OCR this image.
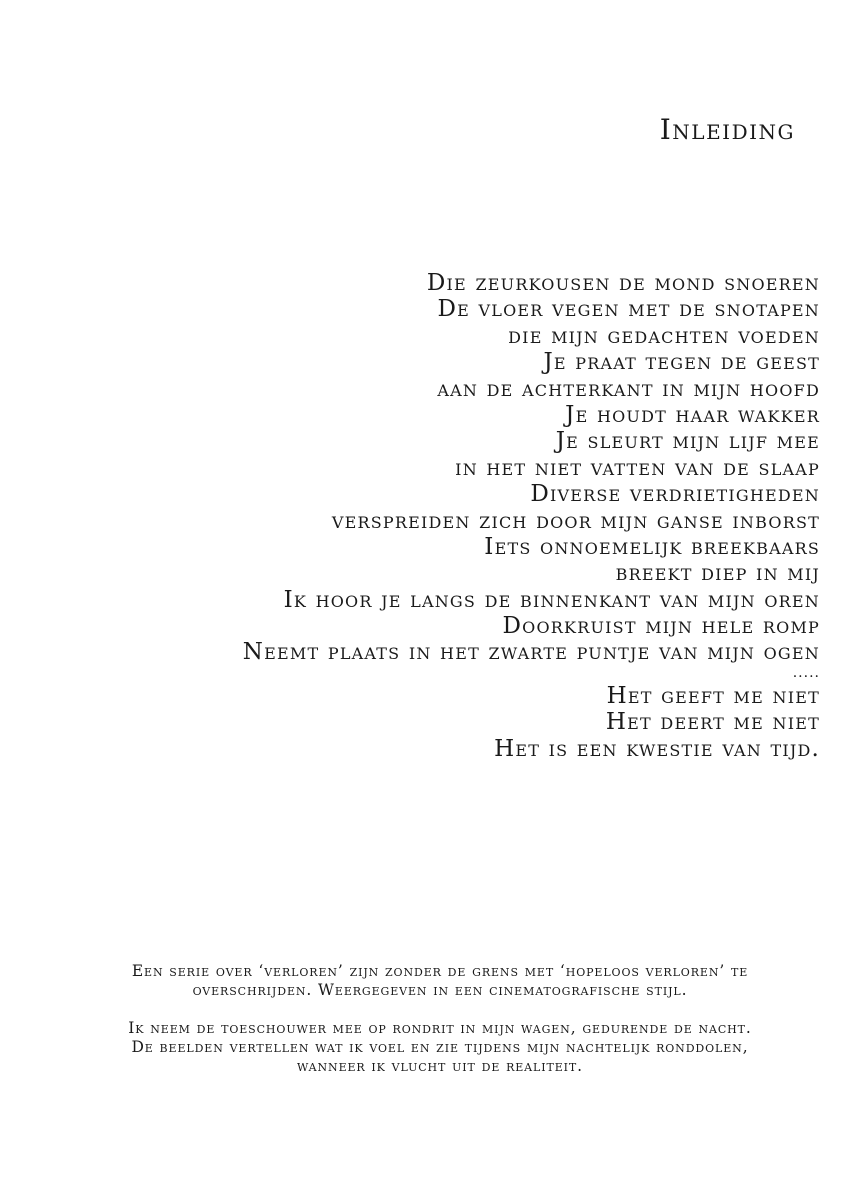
Inleiding
Die zeurkousen de mond snoeren
De vloer vegen met de snotapen
die mijn gedachten voeden
Je praat tegen de geest
aan de achterkant in mijn hoofd
Je houdt haar wakker
Je sleurt mijn lijf mee
in het niet vatten van de slaap
Diverse verdrietigheden
verspreiden zich door mijn ganse inborst
Iets onnoemelijk breekbaars
breekt diep in mij
Ik hoor je langs de binnenkant van mijn oren
Doorkruist mijn hele romp
Neemt plaats in het zwarte puntje van mijn ogen
.....
Het geeft me niet
Het deert me niet
Het is een kwestie van tijd.

Een serie over ‘verloren’ zijn zonder de grens met ‘hopeloos verloren’ te
overschrijden. Weergegeven in een cinematografische stijl.

Ik neem de toeschouwer mee op rondrit in mijn wagen, gedurende de nacht.
De beelden vertellen wat ik voel en zie tijdens mijn nachtelijk ronddolen,
wanneer ik vlucht uit de realiteit.
